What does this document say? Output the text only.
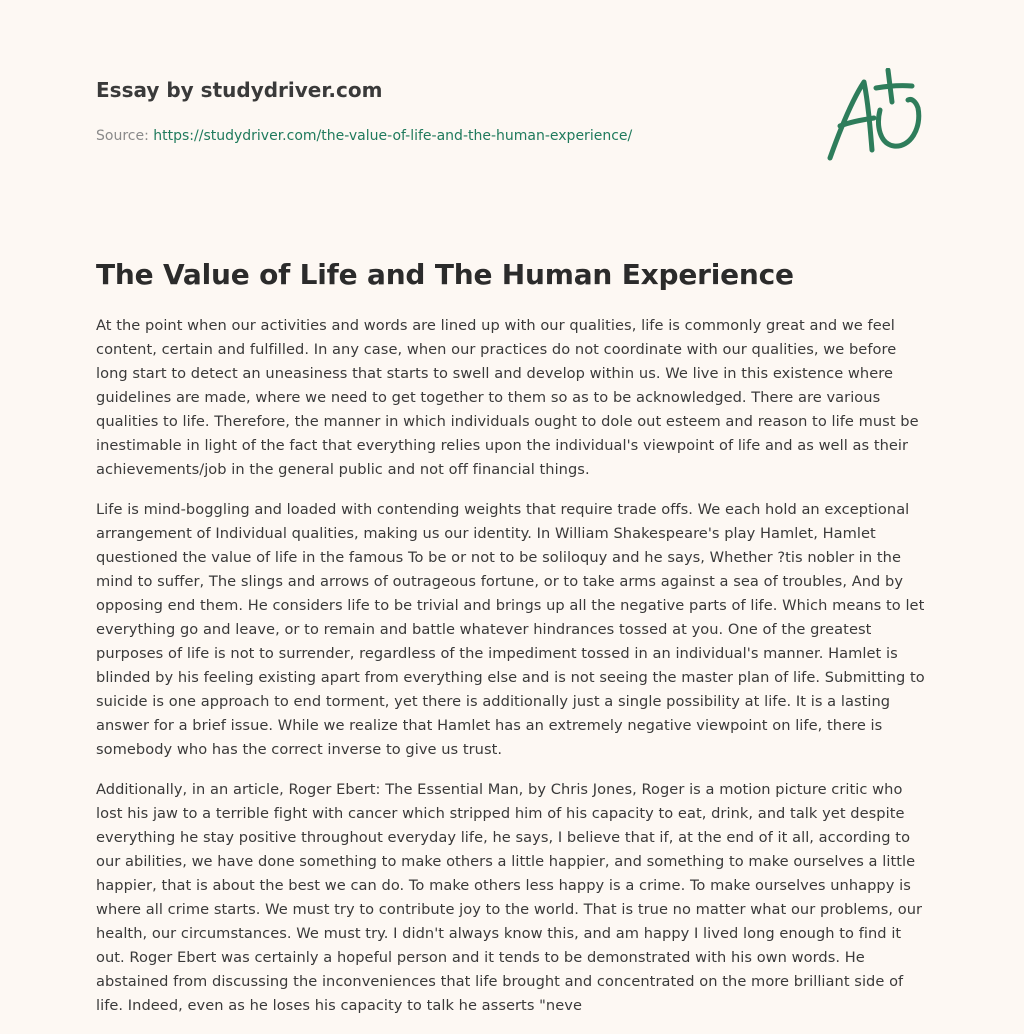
Essay by studydriver.com
Source: https://studydriver.com/the-value-of-life-and-the-human-experience/
The Value of Life and The Human Experience

At the point when our activities and words are lined up with our qualities, life is commonly great and we feel content, certain and fulfilled. In any case, when our practices do not coordinate with our qualities, we before long start to detect an uneasiness that starts to swell and develop within us. We live in this existence where guidelines are made, where we need to get together to them so as to be acknowledged. There are various qualities to life. Therefore, the manner in which individuals ought to dole out esteem and reason to life must be inestimable in light of the fact that everything relies upon the individual's viewpoint of life and as well as their achievements/job in the general public and not off financial things.

Life is mind-boggling and loaded with contending weights that require trade offs. We each hold an exceptional arrangement of Individual qualities, making us our identity. In William Shakespeare's play Hamlet, Hamlet questioned the value of life in the famous To be or not to be soliloquy and he says, Whether ?tis nobler in the mind to suffer, The slings and arrows of outrageous fortune, or to take arms against a sea of troubles, And by opposing end them. He considers life to be trivial and brings up all the negative parts of life. Which means to let everything go and leave, or to remain and battle whatever hindrances tossed at you. One of the greatest purposes of life is not to surrender, regardless of the impediment tossed in an individual's manner. Hamlet is blinded by his feeling existing apart from everything else and is not seeing the master plan of life. Submitting to suicide is one approach to end torment, yet there is additionally just a single possibility at life. It is a lasting answer for a brief issue. While we realize that Hamlet has an extremely negative viewpoint on life, there is somebody who has the correct inverse to give us trust.

Additionally, in an article, Roger Ebert: The Essential Man, by Chris Jones, Roger is a motion picture critic who lost his jaw to a terrible fight with cancer which stripped him of his capacity to eat, drink, and talk yet despite everything he stay positive throughout everyday life, he says, I believe that if, at the end of it all, according to our abilities, we have done something to make others a little happier, and something to make ourselves a little happier, that is about the best we can do. To make others less happy is a crime. To make ourselves unhappy is where all crime starts. We must try to contribute joy to the world. That is true no matter what our problems, our health, our circumstances. We must try. I didn't always know this, and am happy I lived long enough to find it out. Roger Ebert was certainly a hopeful person and it tends to be demonstrated with his own words. He abstained from discussing the inconveniences that life brought and concentrated on the more brilliant side of life. Indeed, even as he loses his capacity to talk he asserts "neve
